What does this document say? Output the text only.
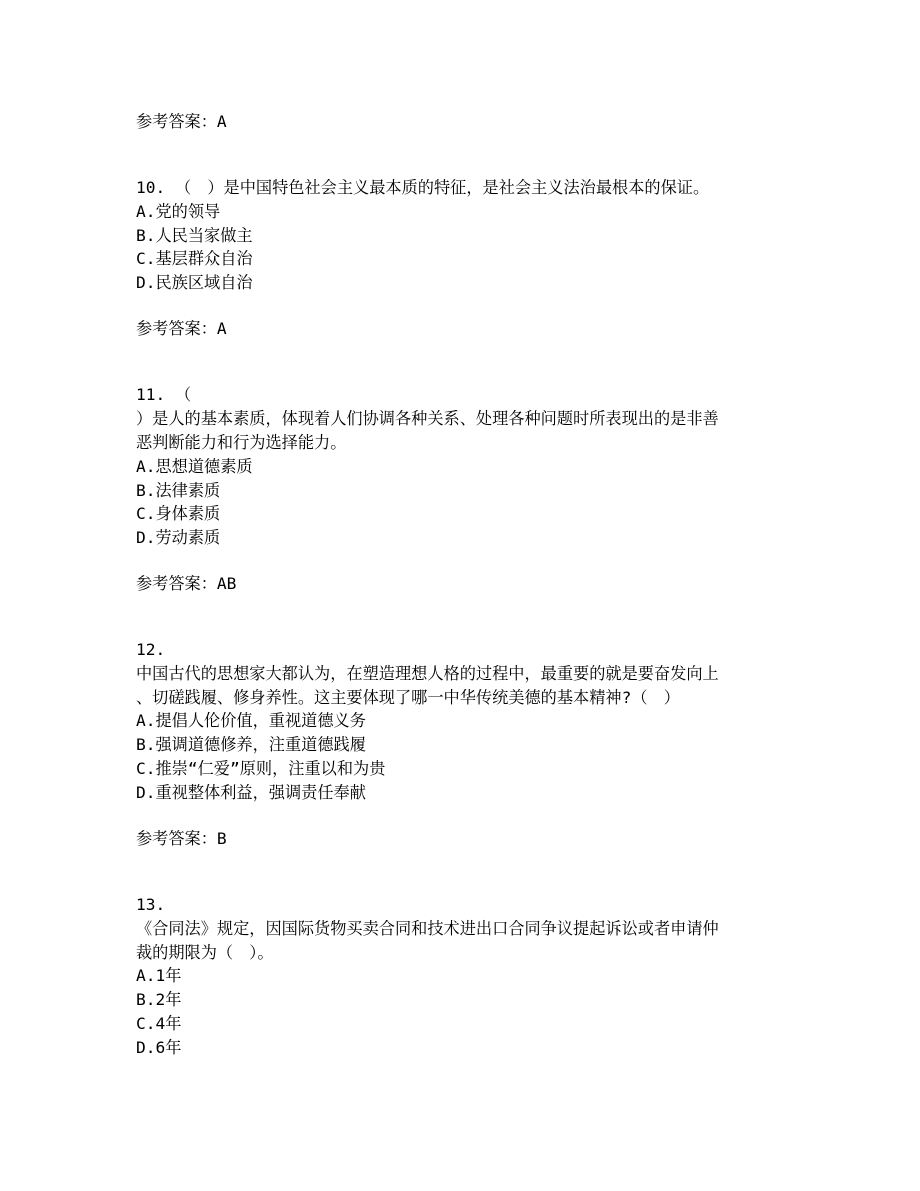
参考答案：A
10. （　）是中国特色社会主义最本质的特征，是社会主义法治最根本的保证。
A.党的领导
B.人民当家做主
C.基层群众自治
D.民族区域自治
参考答案：A
11. （
）是人的基本素质，体现着人们协调各种关系、处理各种问题时所表现出的是非善
恶判断能力和行为选择能力。
A.思想道德素质
B.法律素质
C.身体素质
D.劳动素质
参考答案：AB
12.
中国古代的思想家大都认为，在塑造理想人格的过程中，最重要的就是要奋发向上
、切磋践履、修身养性。这主要体现了哪一中华传统美德的基本精神?（　）
A.提倡人伦价值，重视道德义务
B.强调道德修养，注重道德践履
C.推崇“仁爱”原则，注重以和为贵
D.重视整体利益，强调责任奉献
参考答案：B
13.
《合同法》规定，因国际货物买卖合同和技术进出口合同争议提起诉讼或者申请仲
裁的期限为（　）。
A.1年
B.2年
C.4年
D.6年
